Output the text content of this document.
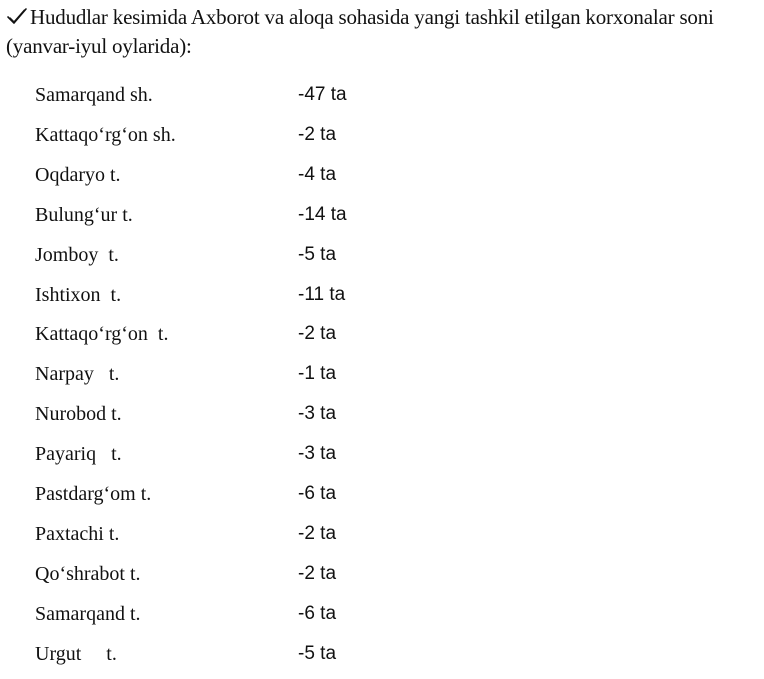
Hududlar kesimida Axborot va aloqa sohasida yangi tashkil etilgan korxonalar soni (yanvar-iyul oylarida):
Samarqand sh.	-47 ta
Kattaqo‘rg‘on sh.	-2 ta
Oqdaryo t.	-4 ta
Bulung‘ur t.	-14 ta
Jomboy  t.	-5 ta
Ishtixon  t.	-11 ta
Kattaqo‘rg‘on  t.	-2 ta
Narpay   t.	-1 ta
Nurobod t.	-3 ta
Payariq   t.	-3 ta
Pastdarg‘om t.	-6 ta
Paxtachi t.	-2 ta
Qo‘shrabot t.	-2 ta
Samarqand t.	-6 ta
Urgut     t.	-5 ta
